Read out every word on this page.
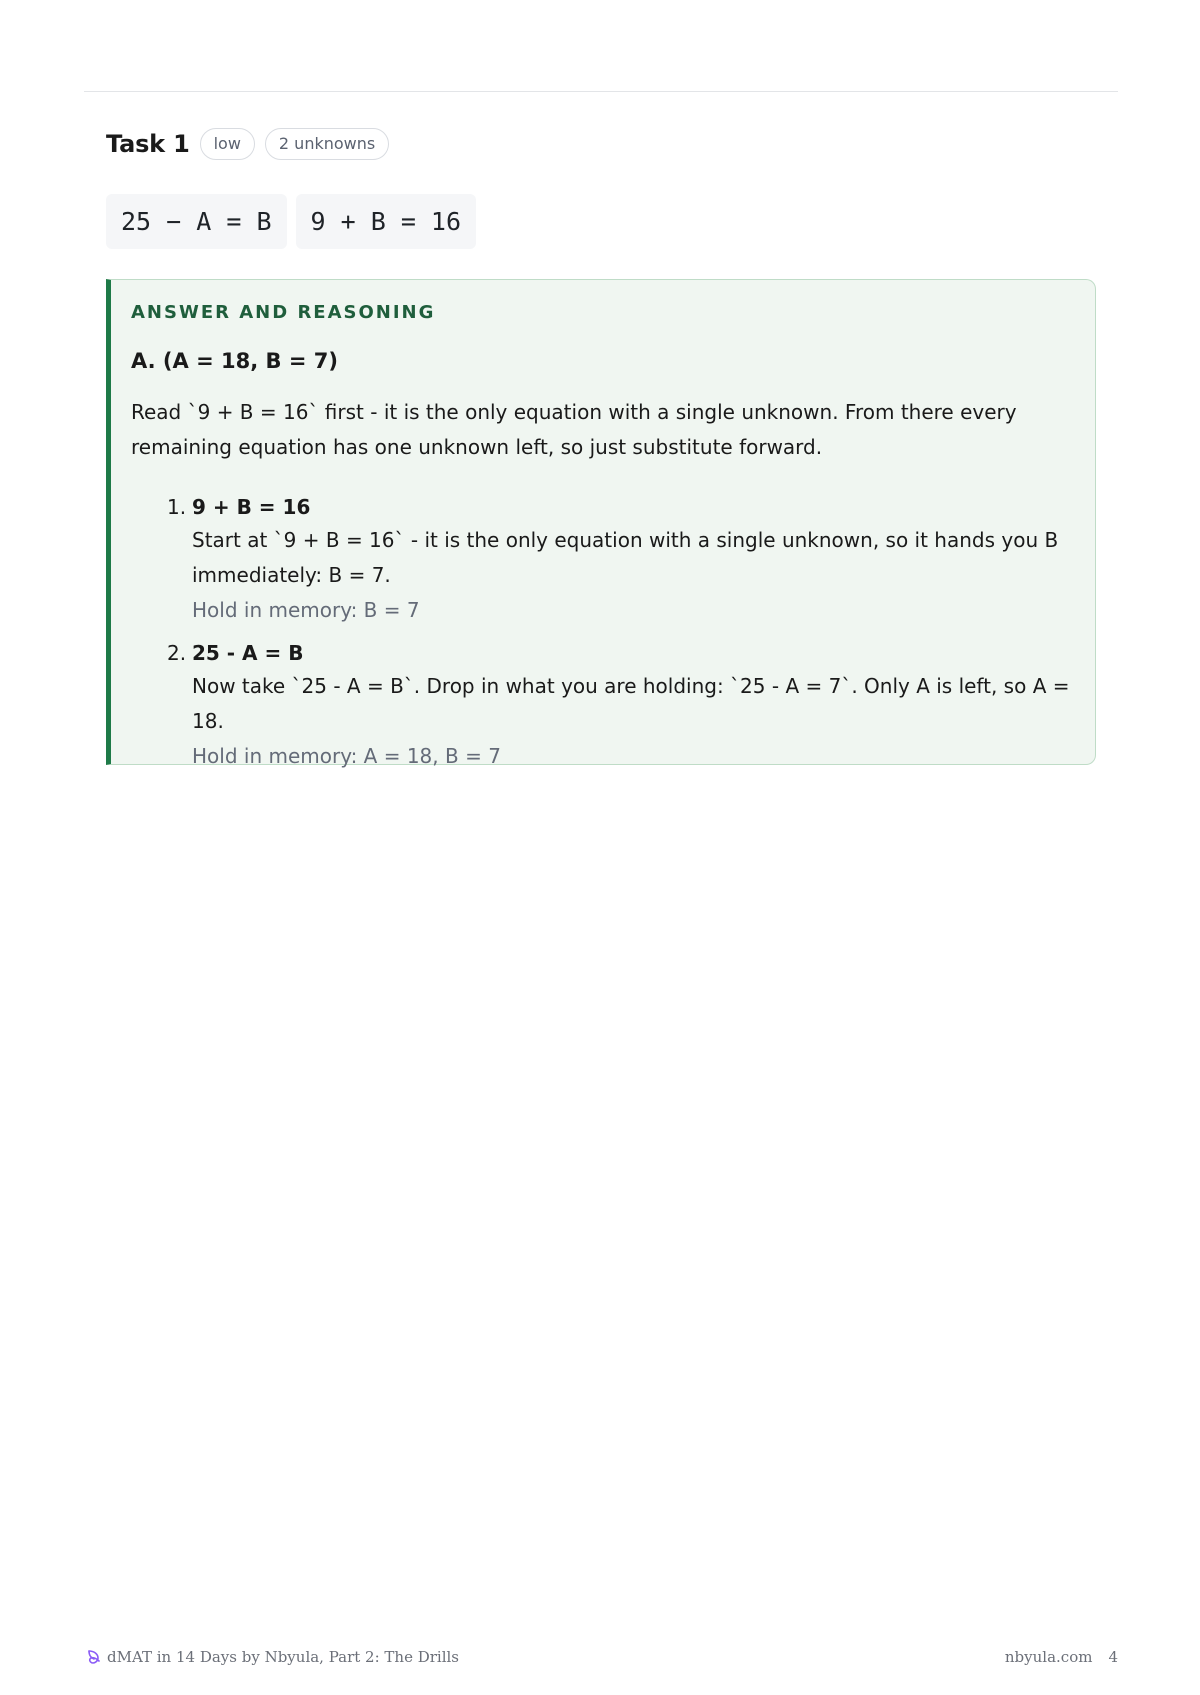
Task 1	low	2 unknowns
25 − A = B	9 + B = 16
ANSWER AND REASONING
A. (A = 18, B = 7)
Read `9 + B = 16` first - it is the only equation with a single unknown. From there every remaining equation has one unknown left, so just substitute forward.
1. 9 + B = 16
Start at `9 + B = 16` - it is the only equation with a single unknown, so it hands you B immediately: B = 7.
Hold in memory: B = 7
2. 25 - A = B
Now take `25 - A = B`. Drop in what you are holding: `25 - A = 7`. Only A is left, so A = 18.
Hold in memory: A = 18, B = 7
dMAT in 14 Days by Nbyula, Part 2: The Drills	nbyula.com 4
